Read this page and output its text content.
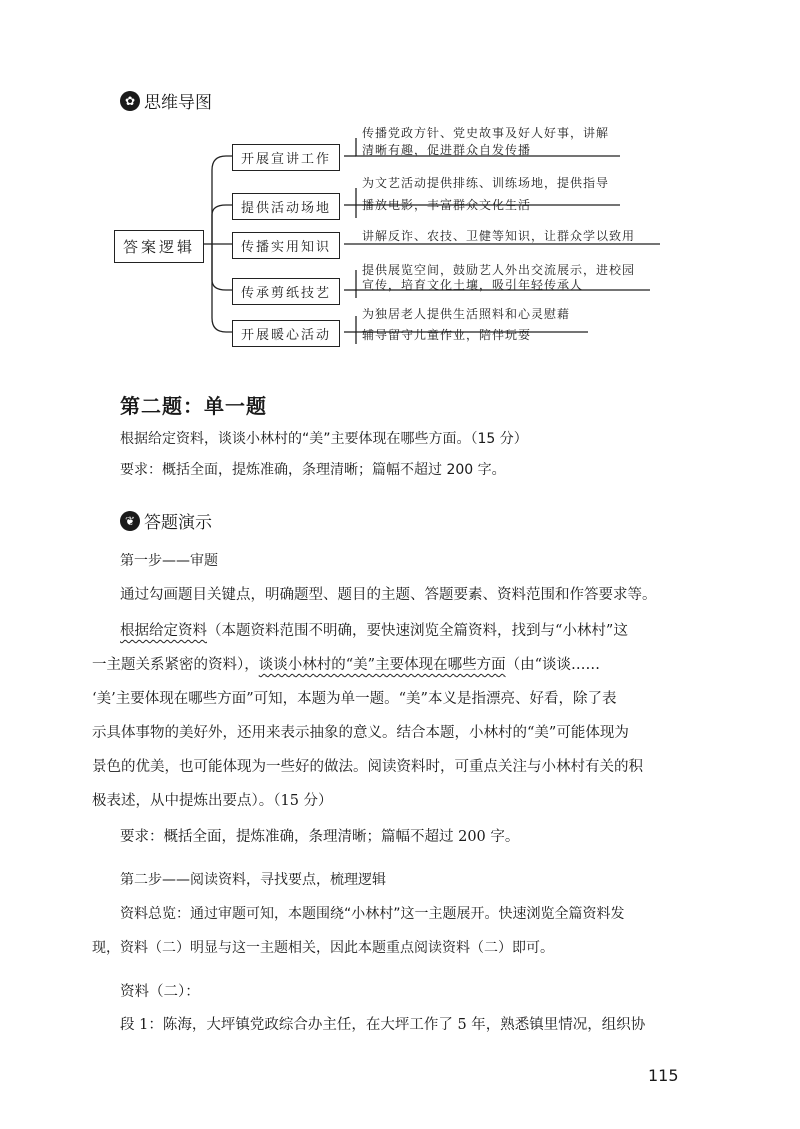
✿ 思维导图
答案逻辑
开展宣讲工作
提供活动场地
传播实用知识
传承剪纸技艺
开展暖心活动
传播党政方针、党史故事及好人好事，讲解
清晰有趣，促进群众自发传播
为文艺活动提供排练、训练场地，提供指导
播放电影，丰富群众文化生活
讲解反诈、农技、卫健等知识，让群众学以致用
提供展览空间，鼓励艺人外出交流展示，进校园
宣传，培育文化土壤，吸引年轻传承人
为独居老人提供生活照料和心灵慰藉
辅导留守儿童作业，陪伴玩耍
第二题：单一题
根据给定资料，谈谈小林村的“美”主要体现在哪些方面。（15 分）
要求：概括全面，提炼准确，条理清晰；篇幅不超过 200 字。
❦ 答题演示
第一步——审题
通过勾画题目关键点，明确题型、题目的主题、答题要素、资料范围和作答要求等。
根据给定资料（本题资料范围不明确，要快速浏览全篇资料，找到与“小林村”这
一主题关系紧密的资料），谈谈小林村的“美”主要体现在哪些方面（由“谈谈……
‘美’主要体现在哪些方面”可知，本题为单一题。“美”本义是指漂亮、好看，除了表
示具体事物的美好外，还用来表示抽象的意义。结合本题，小林村的“美”可能体现为
景色的优美，也可能体现为一些好的做法。阅读资料时，可重点关注与小林村有关的积
极表述，从中提炼出要点）。（15 分）
要求：概括全面，提炼准确，条理清晰；篇幅不超过 200 字。
第二步——阅读资料，寻找要点，梳理逻辑
资料总览：通过审题可知，本题围绕“小林村”这一主题展开。快速浏览全篇资料发
现，资料（二）明显与这一主题相关，因此本题重点阅读资料（二）即可。
资料（二）：
段 1：陈海，大坪镇党政综合办主任，在大坪工作了 5 年，熟悉镇里情况，组织协
115
